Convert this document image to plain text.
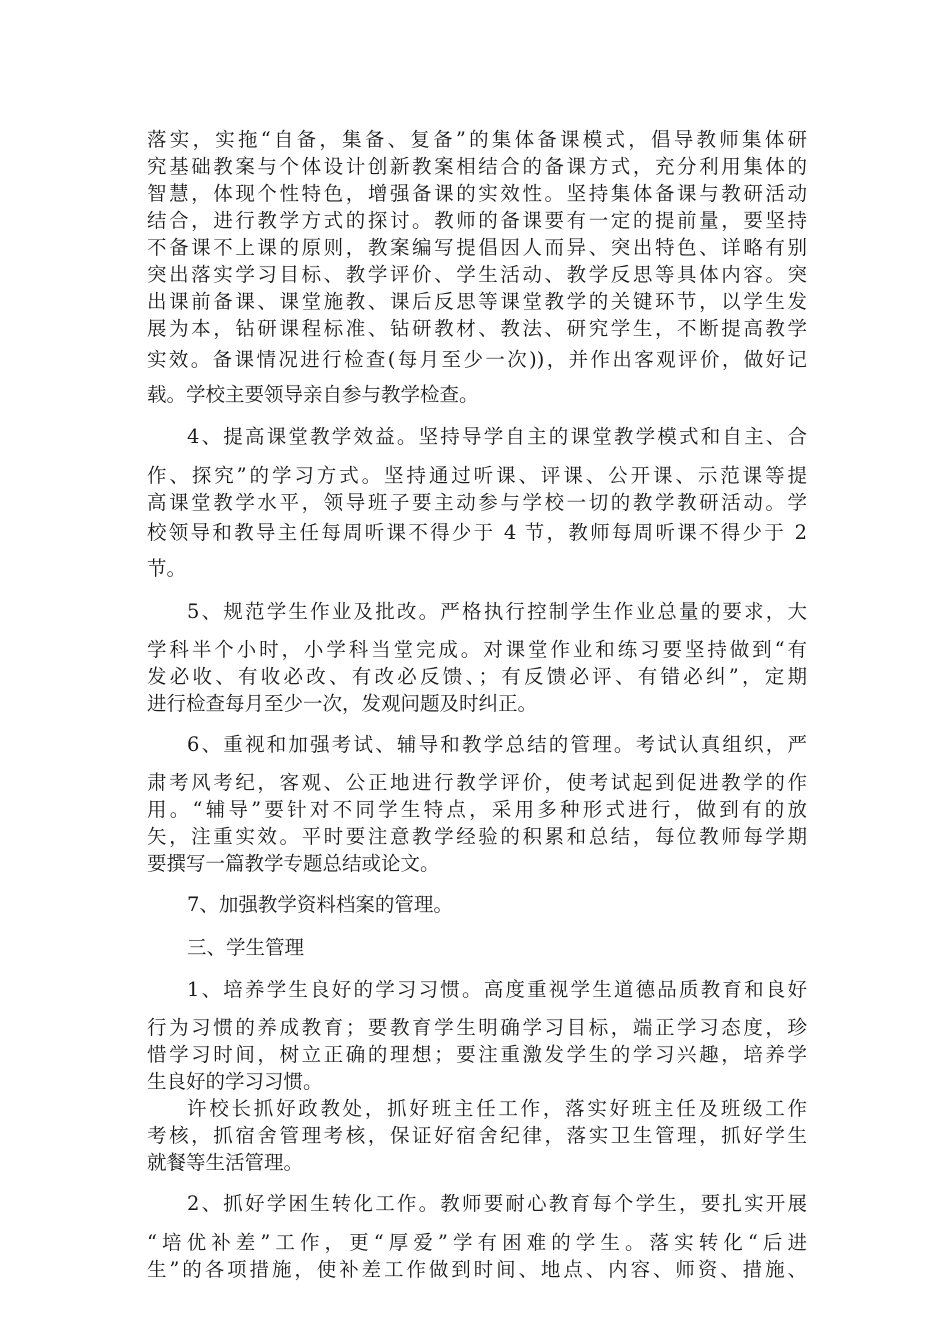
落实，实拖“自备，集备、复备”的集体备课模式，倡导教师集体研
究基础教案与个体设计创新教案相结合的备课方式，充分利用集体的
智慧，体现个性特色，增强备课的实效性。坚持集体备课与教研活动
结合，进行教学方式的探讨。教师的备课要有一定的提前量，要坚持
不备课不上课的原则，教案编写提倡因人而异、突出特色、详略有别
突出落实学习目标、教学评价、学生活动、教学反思等具体内容。突
出课前备课、课堂施教、课后反思等课堂教学的关键环节，以学生发
展为本，钻研课程标准、钻研教材、教法、研究学生，不断提高教学
实效。备课情况进行检查(每月至少一次))，并作出客观评价，做好记
载。学校主要领导亲自参与教学检查。
4、提高课堂教学效益。坚持导学自主的课堂教学模式和自主、合
作、探究”的学习方式。坚持通过听课、评课、公开课、示范课等提
高课堂教学水平，领导班子要主动参与学校一切的教学教研活动。学
校领导和教导主任每周听课不得少于 4 节，教师每周听课不得少于 2
节。
5、规范学生作业及批改。严格执行控制学生作业总量的要求，大
学科半个小时，小学科当堂完成。对课堂作业和练习要坚持做到“有
发必收、有收必改、有改必反馈、；有反馈必评、有错必纠”，定期
进行检查每月至少一次，发观问题及时纠正。
6、重视和加强考试、辅导和教学总结的管理。考试认真组织，严
肃考风考纪，客观、公正地进行教学评价，使考试起到促进教学的作
用。“辅导”要针对不同学生特点，采用多种形式进行，做到有的放
矢，注重实效。平时要注意教学经验的积累和总结，每位教师每学期
要撰写一篇教学专题总结或论文。
7、加强教学资料档案的管理。
三、学生管理
1、培养学生良好的学习习惯。高度重视学生道德品质教育和良好
行为习惯的养成教育；要教育学生明确学习目标，端正学习态度，珍
惜学习时间，树立正确的理想；要注重激发学生的学习兴趣，培养学
生良好的学习习惯。
许校长抓好政教处，抓好班主任工作，落实好班主任及班级工作
考核，抓宿舍管理考核，保证好宿舍纪律，落实卫生管理，抓好学生
就餐等生活管理。
2、抓好学困生转化工作。教师要耐心教育每个学生，要扎实开展
“培优补差”工作，更“厚爱”学有困难的学生。落实转化“后进
生”的各项措施，使补差工作做到时间、地点、内容、师资、措施、
